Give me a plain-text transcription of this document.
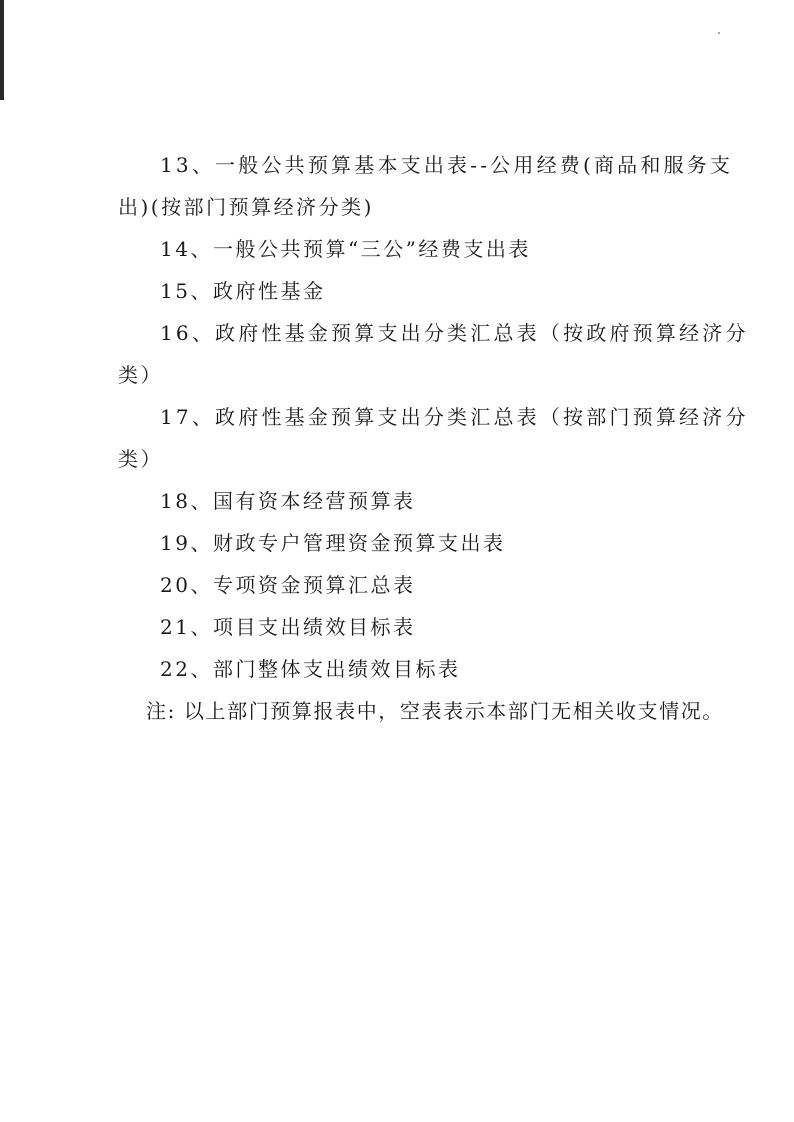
13、一般公共预算基本支出表--公用经费(商品和服务支
出)(按部门预算经济分类)
14、一般公共预算“三公”经费支出表
15、政府性基金
16、政府性基金预算支出分类汇总表（按政府预算经济分
类）
17、政府性基金预算支出分类汇总表（按部门预算经济分
类）
18、国有资本经营预算表
19、财政专户管理资金预算支出表
20、专项资金预算汇总表
21、项目支出绩效目标表
22、部门整体支出绩效目标表
注: 以上部门预算报表中，空表表示本部门无相关收支情况。
